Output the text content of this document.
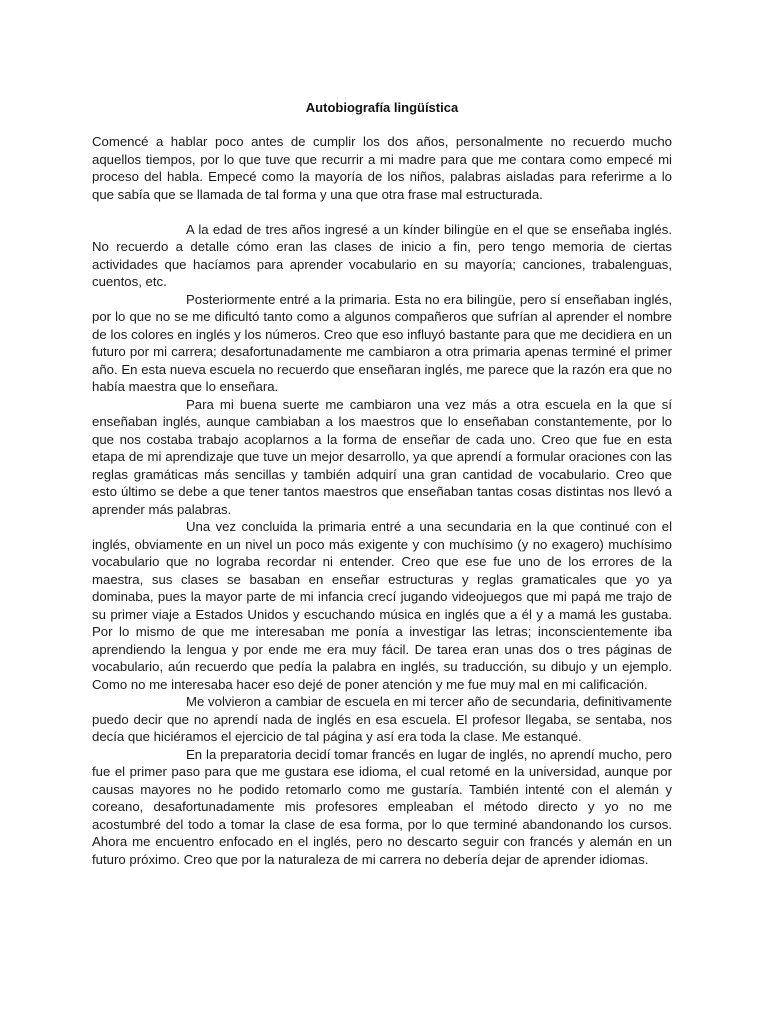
Autobiografía lingüística

Comencé a hablar poco antes de cumplir los dos años, personalmente no recuerdo mucho aquellos tiempos, por lo que tuve que recurrir a mi madre para que me contara como empecé mi proceso del habla. Empecé como la mayoría de los niños, palabras aisladas para referirme a lo que sabía que se llamada de tal forma y una que otra frase mal estructurada.

A la edad de tres años ingresé a un kínder bilingüe en el que se enseñaba inglés. No recuerdo a detalle cómo eran las clases de inicio a fin, pero tengo memoria de ciertas actividades que hacíamos para aprender vocabulario en su mayoría; canciones, trabalenguas, cuentos, etc.

Posteriormente entré a la primaria. Esta no era bilingüe, pero sí enseñaban inglés, por lo que no se me dificultó tanto como a algunos compañeros que sufrían al aprender el nombre de los colores en inglés y los números. Creo que eso influyó bastante para que me decidiera en un futuro por mi carrera; desafortunadamente me cambiaron a otra primaria apenas terminé el primer año. En esta nueva escuela no recuerdo que enseñaran inglés, me parece que la razón era que no había maestra que lo enseñara.

Para mi buena suerte me cambiaron una vez más a otra escuela en la que sí enseñaban inglés, aunque cambiaban a los maestros que lo enseñaban constantemente, por lo que nos costaba trabajo acoplarnos a la forma de enseñar de cada uno. Creo que fue en esta etapa de mi aprendizaje que tuve un mejor desarrollo, ya que aprendí a formular oraciones con las reglas gramáticas más sencillas y también adquirí una gran cantidad de vocabulario. Creo que esto último se debe a que tener tantos maestros que enseñaban tantas cosas distintas nos llevó a aprender más palabras.

Una vez concluida la primaria entré a una secundaria en la que continué con el inglés, obviamente en un nivel un poco más exigente y con muchísimo (y no exagero) muchísimo vocabulario que no lograba recordar ni entender. Creo que ese fue uno de los errores de la maestra, sus clases se basaban en enseñar estructuras y reglas gramaticales que yo ya dominaba, pues la mayor parte de mi infancia crecí jugando videojuegos que mi papá me trajo de su primer viaje a Estados Unidos y escuchando música en inglés que a él y a mamá les gustaba. Por lo mismo de que me interesaban me ponía a investigar las letras; inconscientemente iba aprendiendo la lengua y por ende me era muy fácil. De tarea eran unas dos o tres páginas de vocabulario, aún recuerdo que pedía la palabra en inglés, su traducción, su dibujo y un ejemplo. Como no me interesaba hacer eso dejé de poner atención y me fue muy mal en mi calificación.

Me volvieron a cambiar de escuela en mi tercer año de secundaria, definitivamente puedo decir que no aprendí nada de inglés en esa escuela. El profesor llegaba, se sentaba, nos decía que hiciéramos el ejercicio de tal página y así era toda la clase. Me estanqué.

En la preparatoria decidí tomar francés en lugar de inglés, no aprendí mucho, pero fue el primer paso para que me gustara ese idioma, el cual retomé en la universidad, aunque por causas mayores no he podido retomarlo como me gustaría. También intenté con el alemán y coreano, desafortunadamente mis profesores empleaban el método directo y yo no me acostumbré del todo a tomar la clase de esa forma, por lo que terminé abandonando los cursos. Ahora me encuentro enfocado en el inglés, pero no descarto seguir con francés y alemán en un futuro próximo. Creo que por la naturaleza de mi carrera no debería dejar de aprender idiomas.
